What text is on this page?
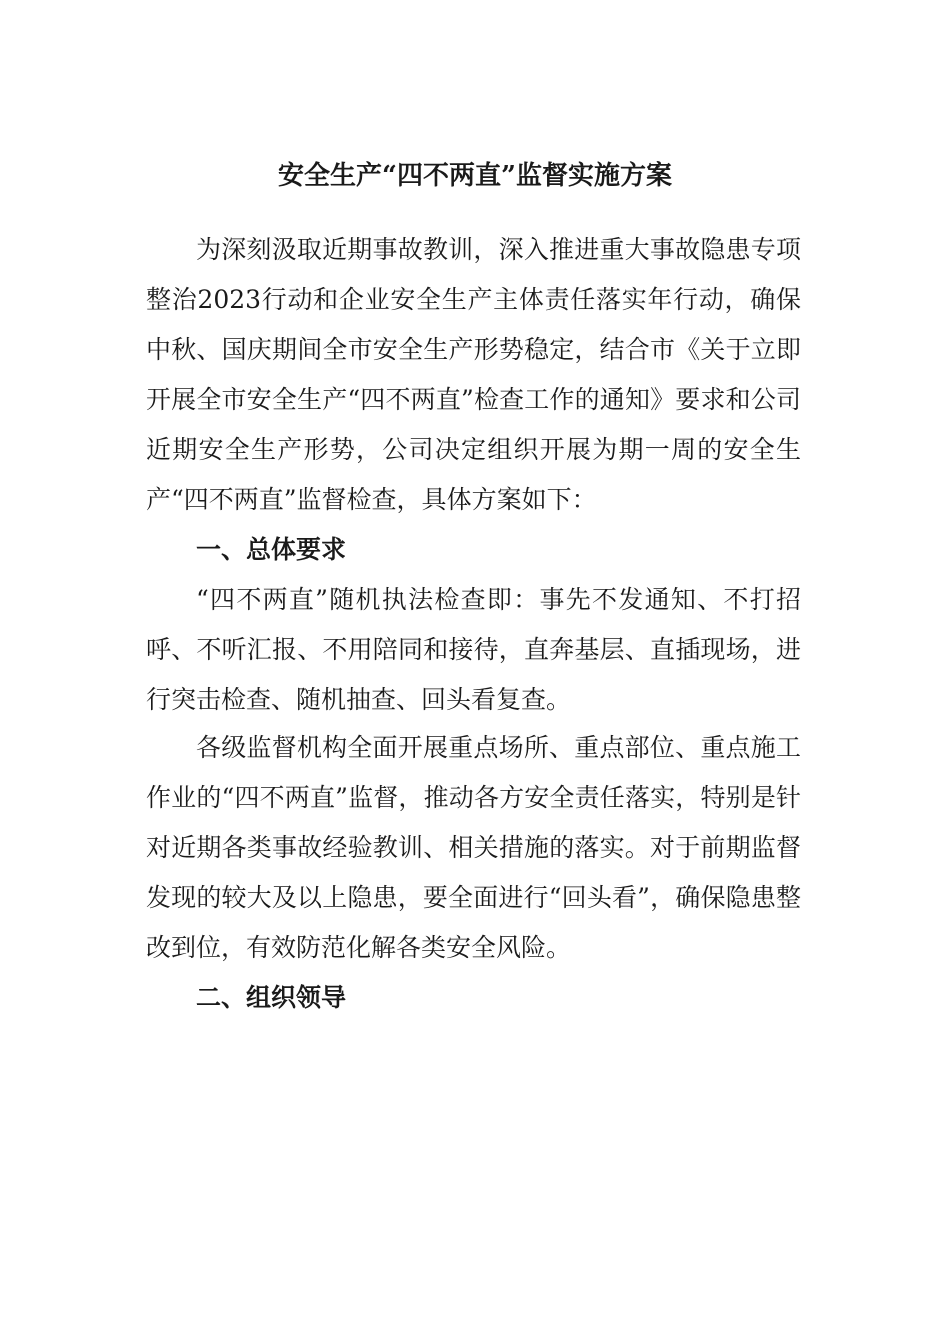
安全生产“四不两直”监督实施方案

为深刻汲取近期事故教训，深入推进重大事故隐患专项整治2023行动和企业安全生产主体责任落实年行动，确保中秋、国庆期间全市安全生产形势稳定，结合市《关于立即开展全市安全生产“四不两直”检查工作的通知》要求和公司近期安全生产形势，公司决定组织开展为期一周的安全生产“四不两直”监督检查，具体方案如下：

一、总体要求

“四不两直”随机执法检查即：事先不发通知、不打招呼、不听汇报、不用陪同和接待，直奔基层、直插现场，进行突击检查、随机抽查、回头看复查。

各级监督机构全面开展重点场所、重点部位、重点施工作业的“四不两直”监督，推动各方安全责任落实，特别是针对近期各类事故经验教训、相关措施的落实。对于前期监督发现的较大及以上隐患，要全面进行“回头看”，确保隐患整改到位，有效防范化解各类安全风险。

二、组织领导
